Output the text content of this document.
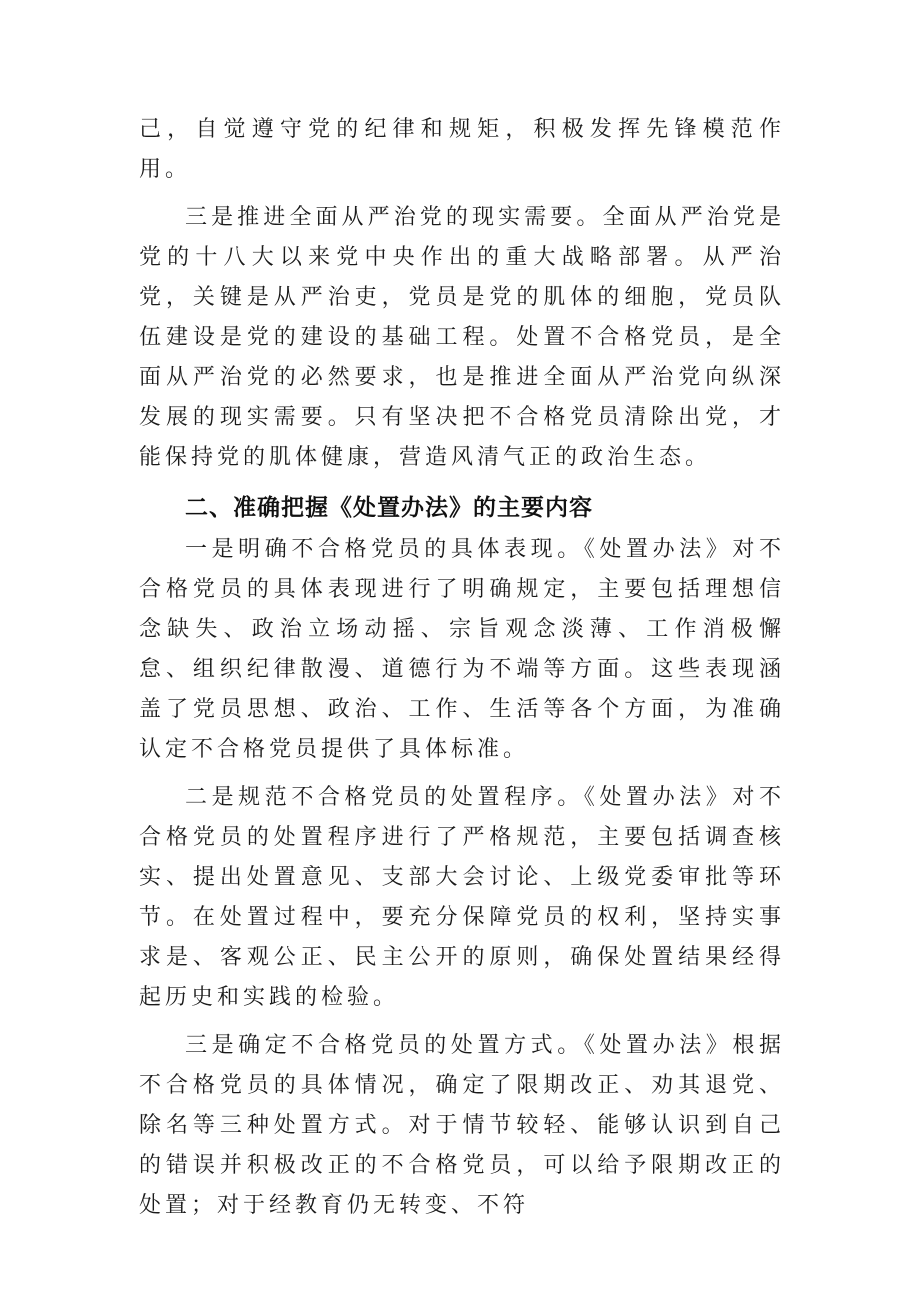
己，自觉遵守党的纪律和规矩，积极发挥先锋模范作用。

三是推进全面从严治党的现实需要。全面从严治党是党的十八大以来党中央作出的重大战略部署。从严治党，关键是从严治吏，党员是党的肌体的细胞，党员队伍建设是党的建设的基础工程。处置不合格党员，是全面从严治党的必然要求，也是推进全面从严治党向纵深发展的现实需要。只有坚决把不合格党员清除出党，才能保持党的肌体健康，营造风清气正的政治生态。

二、准确把握《处置办法》的主要内容

一是明确不合格党员的具体表现。《处置办法》对不合格党员的具体表现进行了明确规定，主要包括理想信念缺失、政治立场动摇、宗旨观念淡薄、工作消极懈怠、组织纪律散漫、道德行为不端等方面。这些表现涵盖了党员思想、政治、工作、生活等各个方面，为准确认定不合格党员提供了具体标准。

二是规范不合格党员的处置程序。《处置办法》对不合格党员的处置程序进行了严格规范，主要包括调查核实、提出处置意见、支部大会讨论、上级党委审批等环节。在处置过程中，要充分保障党员的权利，坚持实事求是、客观公正、民主公开的原则，确保处置结果经得起历史和实践的检验。

三是确定不合格党员的处置方式。《处置办法》根据不合格党员的具体情况，确定了限期改正、劝其退党、除名等三种处置方式。对于情节较轻、能够认识到自己的错误并积极改正的不合格党员，可以给予限期改正的处置；对于经教育仍无转变、不符
